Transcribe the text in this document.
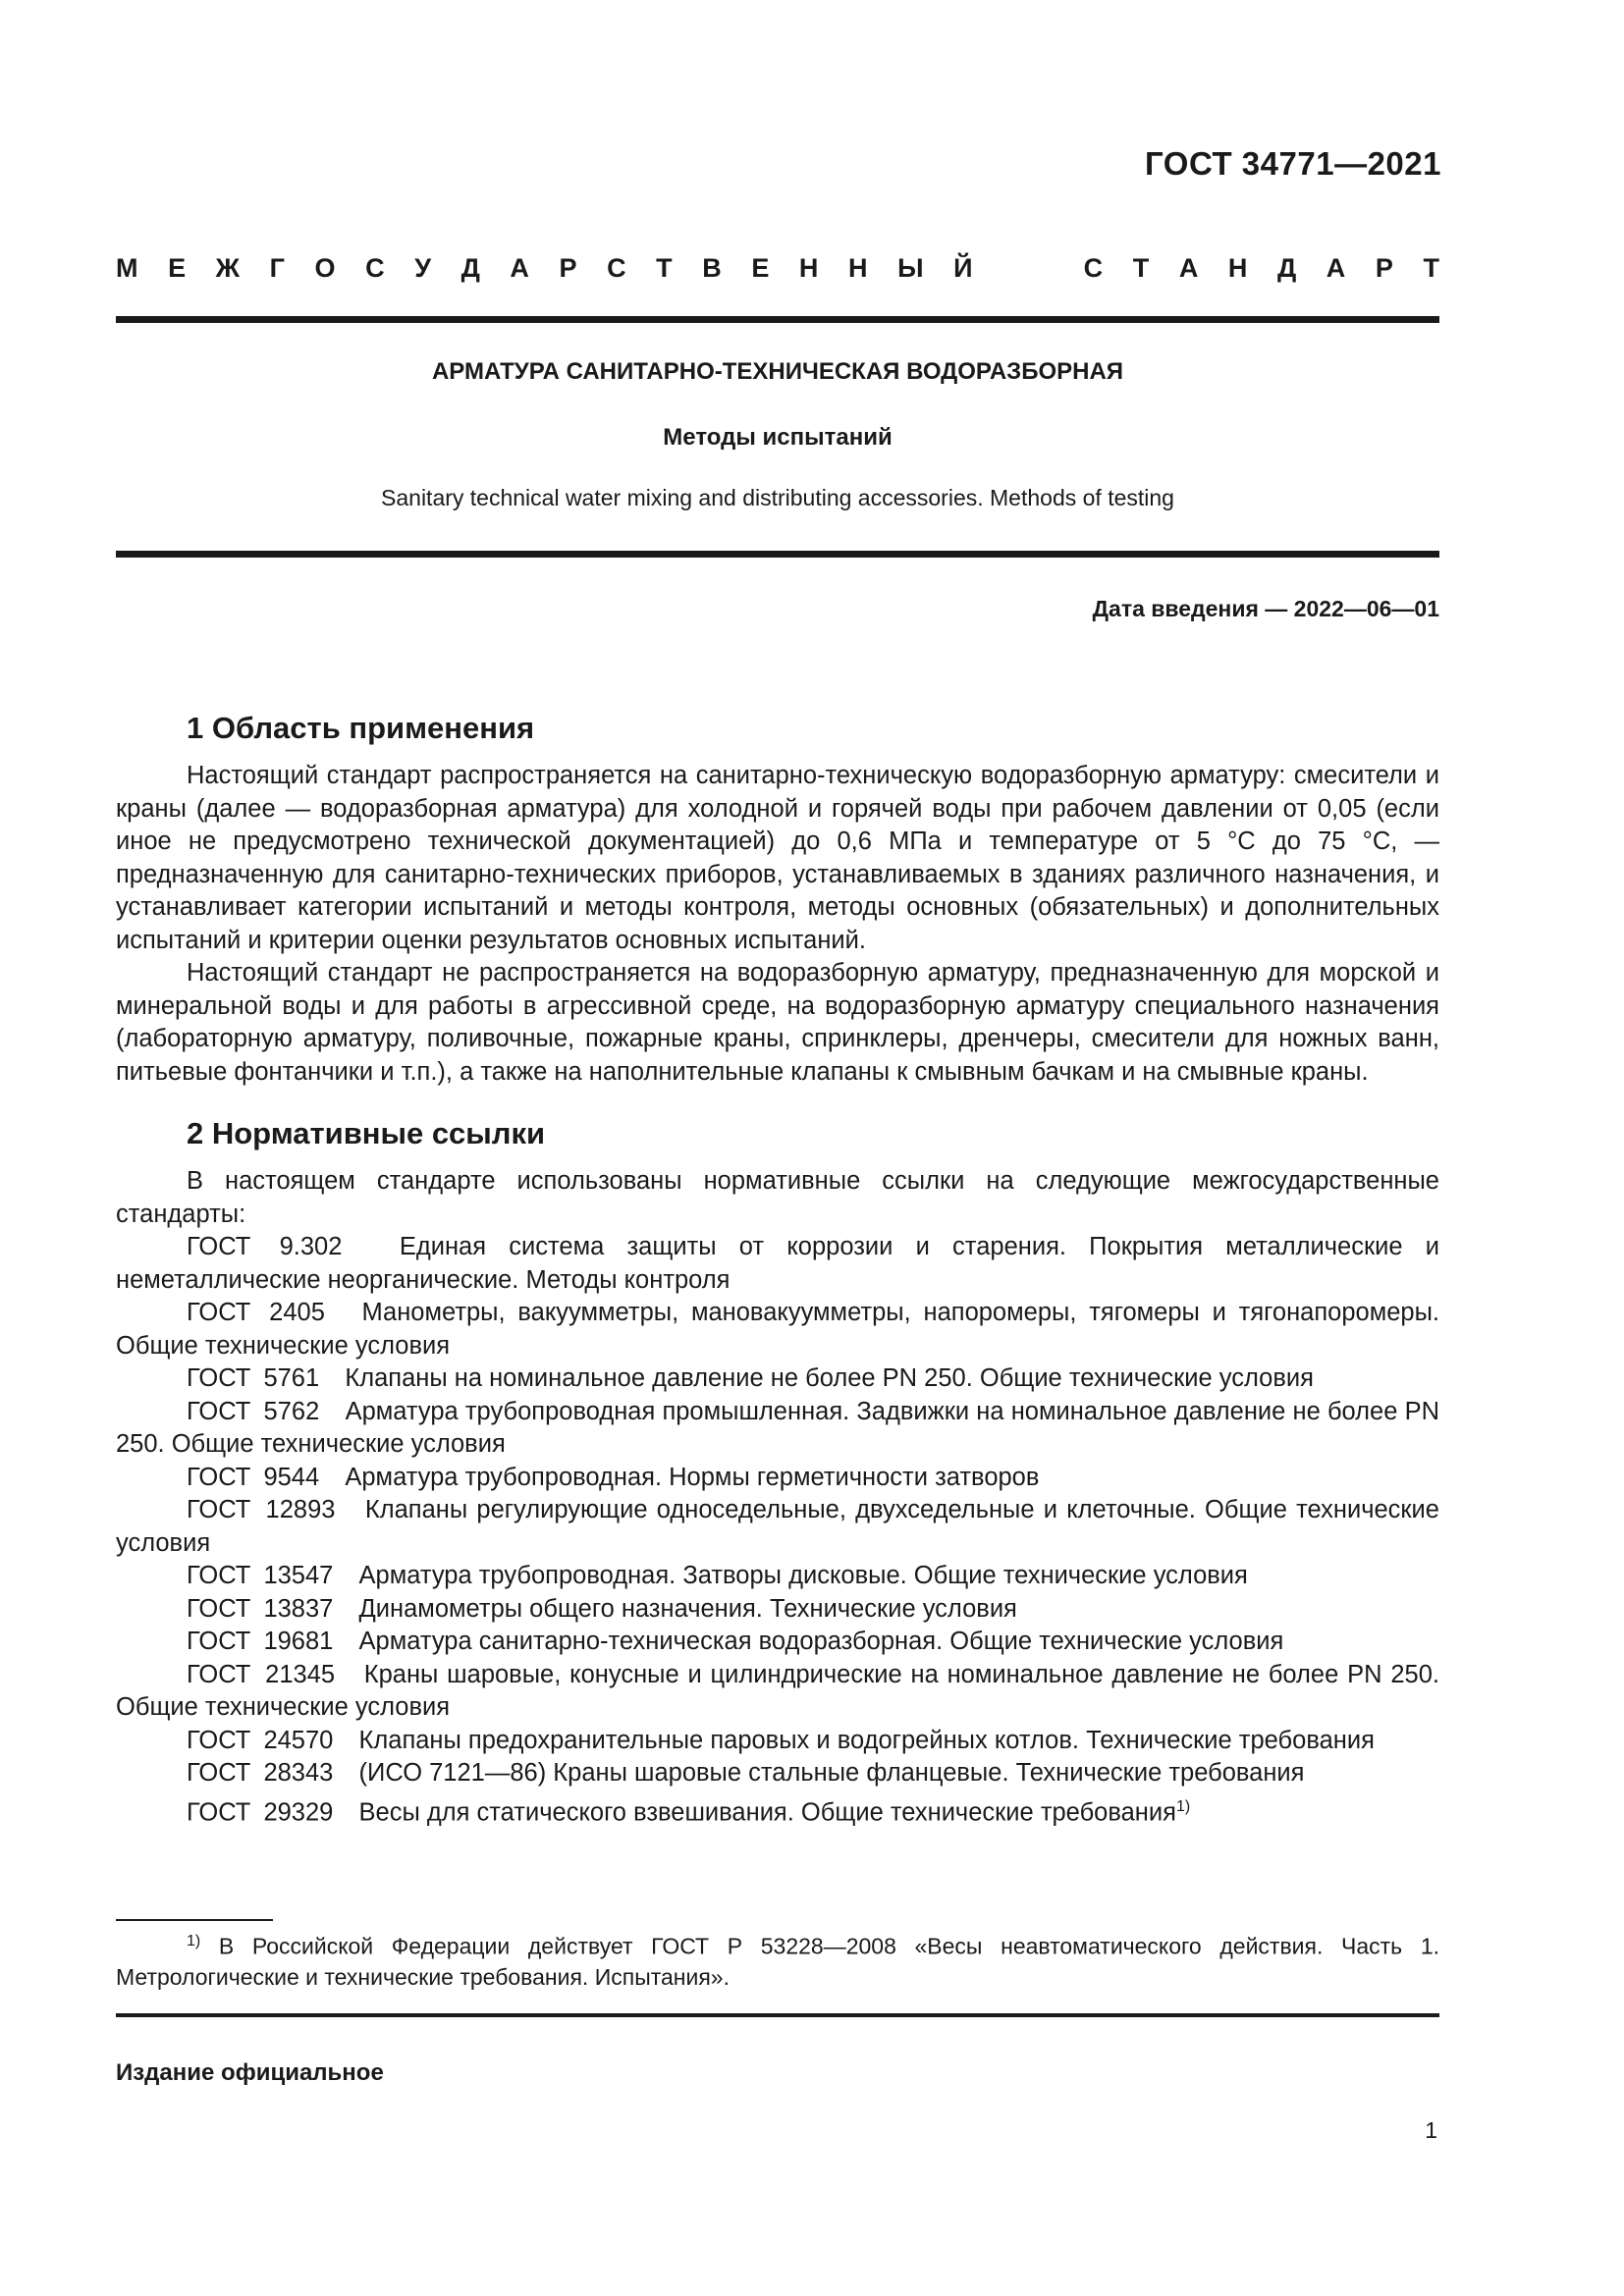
ГОСТ 34771—2021
М Е Ж Г О С У Д А Р С Т В Е Н Н Ы Й	С Т А Н Д А Р Т
АРМАТУРА САНИТАРНО-ТЕХНИЧЕСКАЯ ВОДОРАЗБОРНАЯ
Методы испытаний
Sanitary technical water mixing and distributing accessories. Methods of testing
Дата введения — 2022—06—01
1 Область применения

Настоящий стандарт распространяется на санитарно-техническую водоразборную арматуру: смесители и краны (далее — водоразборная арматура) для холодной и горячей воды при рабочем давлении от 0,05 (если иное не предусмотрено технической документацией) до 0,6 МПа и температуре от 5 °С до 75 °С, — предназначенную для санитарно-технических приборов, устанавливаемых в зданиях различного назначения, и устанавливает категории испытаний и методы контроля, методы основных (обязательных) и дополнительных испытаний и критерии оценки результатов основных испытаний.

Настоящий стандарт не распространяется на водоразборную арматуру, предназначенную для морской и минеральной воды и для работы в агрессивной среде, на водоразборную арматуру специального назначения (лабораторную арматуру, поливочные, пожарные краны, спринклеры, дренчеры, смесители для ножных ванн, питьевые фонтанчики и т.п.), а также на наполнительные клапаны к смывным бачкам и на смывные краны.

2 Нормативные ссылки

В настоящем стандарте использованы нормативные ссылки на следующие межгосударственные стандарты:

ГОСТ 9.302 Единая система защиты от коррозии и старения. Покрытия металлические и неметаллические неорганические. Методы контроля

ГОСТ 2405 Манометры, вакуумметры, мановакуумметры, напоромеры, тягомеры и тягонапоромеры. Общие технические условия

ГОСТ 5761 Клапаны на номинальное давление не более PN 250. Общие технические условия

ГОСТ 5762 Арматура трубопроводная промышленная. Задвижки на номинальное давление не более PN 250. Общие технические условия

ГОСТ 9544 Арматура трубопроводная. Нормы герметичности затворов

ГОСТ 12893 Клапаны регулирующие односедельные, двухседельные и клеточные. Общие технические условия

ГОСТ 13547 Арматура трубопроводная. Затворы дисковые. Общие технические условия

ГОСТ 13837 Динамометры общего назначения. Технические условия

ГОСТ 19681 Арматура санитарно-техническая водоразборная. Общие технические условия

ГОСТ 21345 Краны шаровые, конусные и цилиндрические на номинальное давление не более PN 250. Общие технические условия

ГОСТ 24570 Клапаны предохранительные паровых и водогрейных котлов. Технические требования

ГОСТ 28343 (ИСО 7121—86) Краны шаровые стальные фланцевые. Технические требования

ГОСТ 29329 Весы для статического взвешивания. Общие технические требования$^{1)}$

$^{1)}$ В Российской Федерации действует ГОСТ Р 53228—2008 «Весы неавтоматического действия. Часть 1. Метрологические и технические требования. Испытания».
Издание официальное
1
